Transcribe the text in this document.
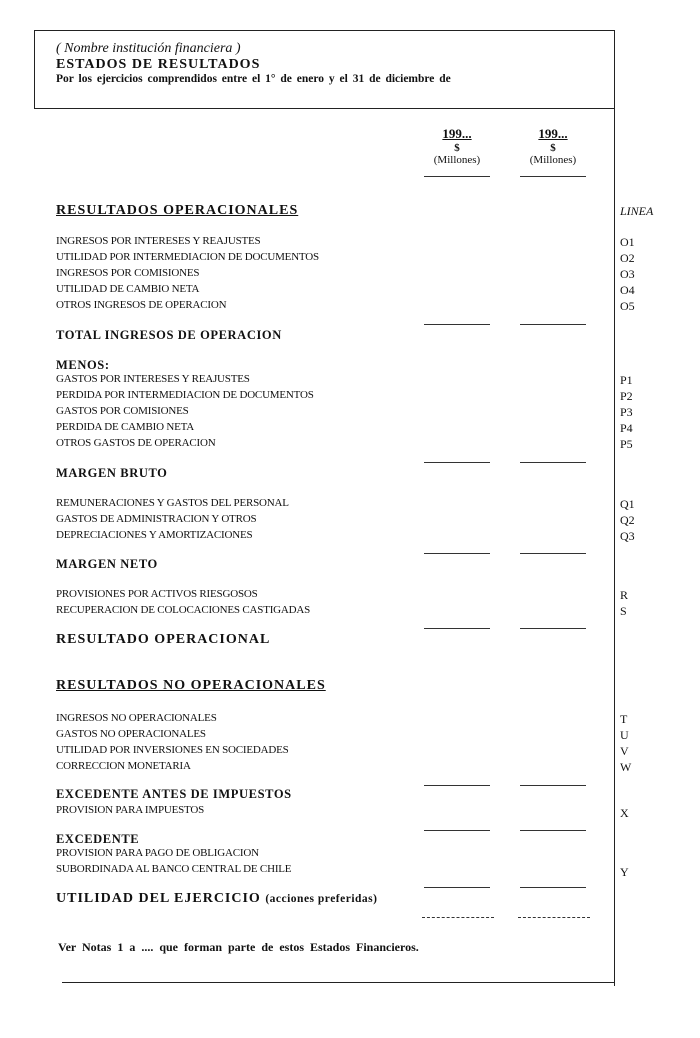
( Nombre institución financiera )
ESTADOS DE RESULTADOS
Por los ejercicios comprendidos entre el 1° de enero y el 31 de diciembre de
199...
$
(Millones)
199...
$
(Millones)
LINEA
RESULTADOS OPERACIONALES
INGRESOS POR INTERESES Y REAJUSTES
UTILIDAD POR INTERMEDIACION DE DOCUMENTOS
INGRESOS POR COMISIONES
UTILIDAD DE CAMBIO NETA
OTROS INGRESOS DE OPERACION
O1
O2
O3
O4
O5
TOTAL INGRESOS DE OPERACION
MENOS:
GASTOS POR INTERESES Y REAJUSTES
PERDIDA POR INTERMEDIACION DE DOCUMENTOS
GASTOS POR COMISIONES
PERDIDA DE CAMBIO NETA
OTROS GASTOS DE OPERACION
P1
P2
P3
P4
P5
MARGEN BRUTO
REMUNERACIONES Y GASTOS DEL PERSONAL
GASTOS DE ADMINISTRACION Y OTROS
DEPRECIACIONES Y AMORTIZACIONES
Q1
Q2
Q3
MARGEN NETO
PROVISIONES POR ACTIVOS RIESGOSOS
RECUPERACION DE COLOCACIONES CASTIGADAS
R
S
RESULTADO OPERACIONAL
RESULTADOS NO OPERACIONALES
INGRESOS NO OPERACIONALES
GASTOS NO OPERACIONALES
UTILIDAD POR INVERSIONES EN SOCIEDADES
CORRECCION MONETARIA
T
U
V
W
EXCEDENTE ANTES DE IMPUESTOS
PROVISION PARA IMPUESTOS	X
EXCEDENTE
PROVISION PARA PAGO DE OBLIGACION
SUBORDINADA AL BANCO CENTRAL DE CHILE	Y
UTILIDAD DEL EJERCICIO (acciones preferidas)
Ver Notas 1 a .... que forman parte de estos Estados Financieros.
